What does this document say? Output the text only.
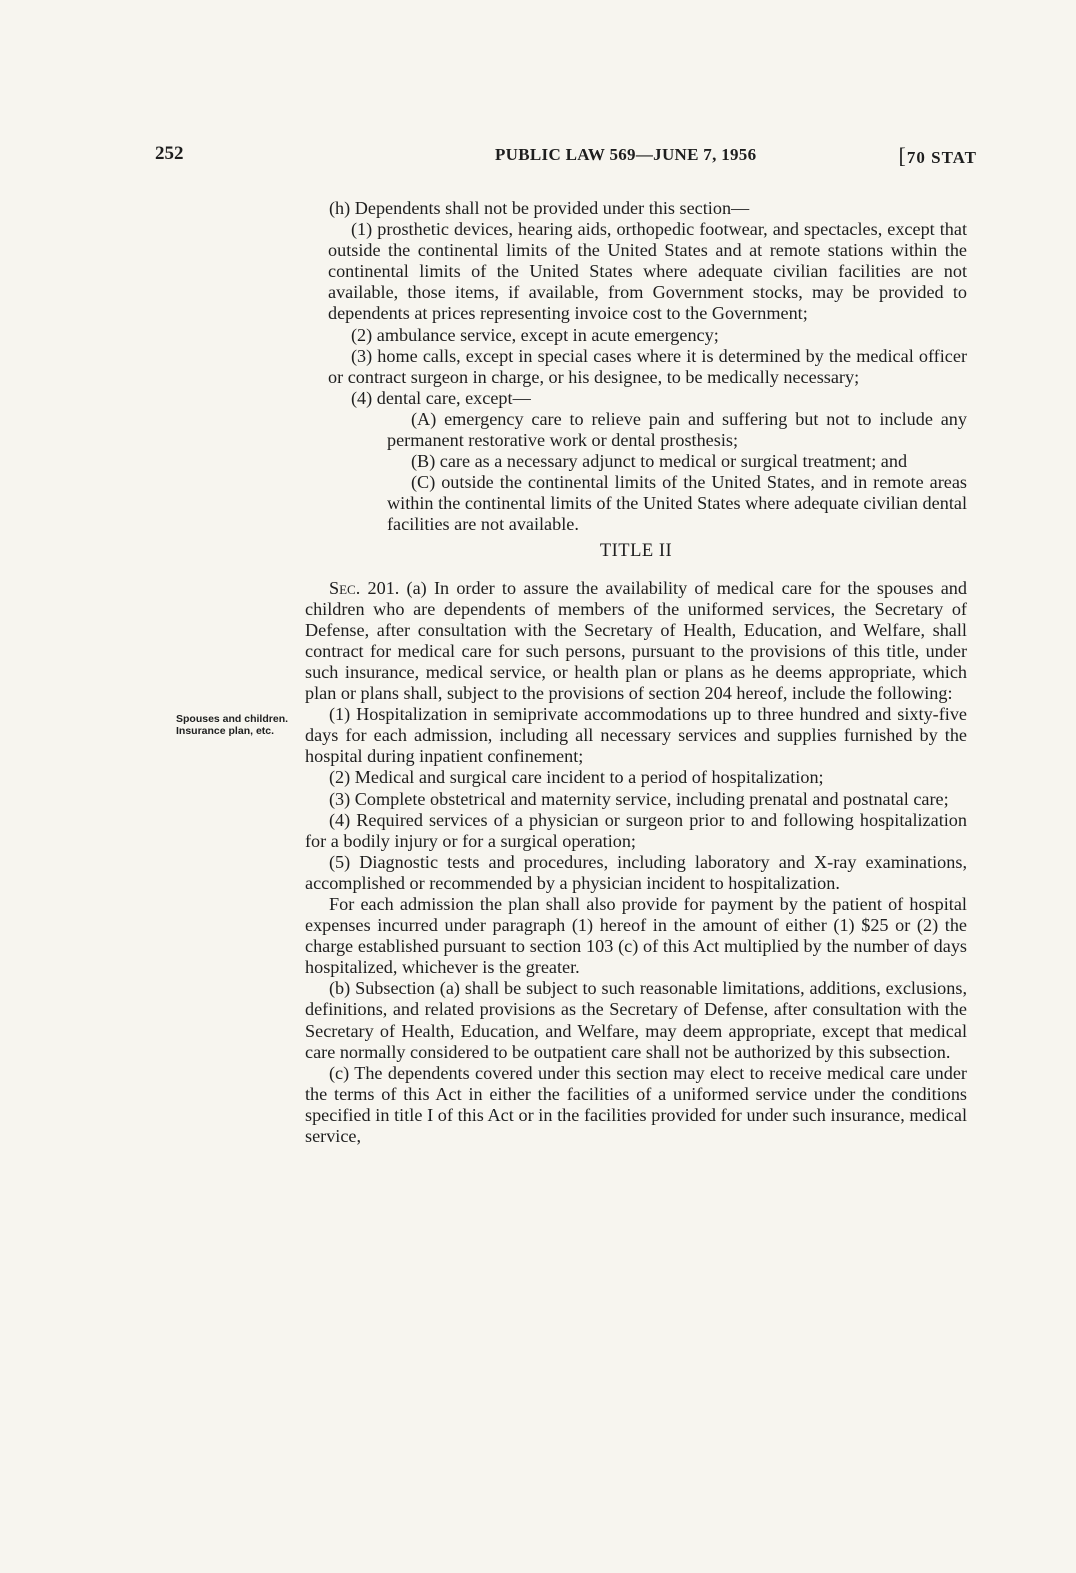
252	PUBLIC LAW 569—JUNE 7, 1956	[70 STAT
Spouses and children.
Insurance plan, etc.

(h) Dependents shall not be provided under this section—

(1) prosthetic devices, hearing aids, orthopedic footwear, and spectacles, except that outside the continental limits of the United States and at remote stations within the continental limits of the United States where adequate civilian facilities are not available, those items, if available, from Government stocks, may be provided to dependents at prices representing invoice cost to the Government;

(2) ambulance service, except in acute emergency;

(3) home calls, except in special cases where it is determined by the medical officer or contract surgeon in charge, or his designee, to be medically necessary;

(4) dental care, except—

(A) emergency care to relieve pain and suffering but not to include any permanent restorative work or dental prosthesis;

(B) care as a necessary adjunct to medical or surgical treatment; and

(C) outside the continental limits of the United States, and in remote areas within the continental limits of the United States where adequate civilian dental facilities are not available.

TITLE II

Sec. 201. (a) In order to assure the availability of medical care for the spouses and children who are dependents of members of the uniformed services, the Secretary of Defense, after consultation with the Secretary of Health, Education, and Welfare, shall contract for medical care for such persons, pursuant to the provisions of this title, under such insurance, medical service, or health plan or plans as he deems appropriate, which plan or plans shall, subject to the provisions of section 204 hereof, include the following:

(1) Hospitalization in semiprivate accommodations up to three hundred and sixty-five days for each admission, including all necessary services and supplies furnished by the hospital during inpatient confinement;

(2) Medical and surgical care incident to a period of hospitalization;

(3) Complete obstetrical and maternity service, including prenatal and postnatal care;

(4) Required services of a physician or surgeon prior to and following hospitalization for a bodily injury or for a surgical operation;

(5) Diagnostic tests and procedures, including laboratory and X-ray examinations, accomplished or recommended by a physician incident to hospitalization.

For each admission the plan shall also provide for payment by the patient of hospital expenses incurred under paragraph (1) hereof in the amount of either (1) $25 or (2) the charge established pursuant to section 103 (c) of this Act multiplied by the number of days hospitalized, whichever is the greater.

(b) Subsection (a) shall be subject to such reasonable limitations, additions, exclusions, definitions, and related provisions as the Secretary of Defense, after consultation with the Secretary of Health, Education, and Welfare, may deem appropriate, except that medical care normally considered to be outpatient care shall not be authorized by this subsection.

(c) The dependents covered under this section may elect to receive medical care under the terms of this Act in either the facilities of a uniformed service under the conditions specified in title I of this Act or in the facilities provided for under such insurance, medical service,
